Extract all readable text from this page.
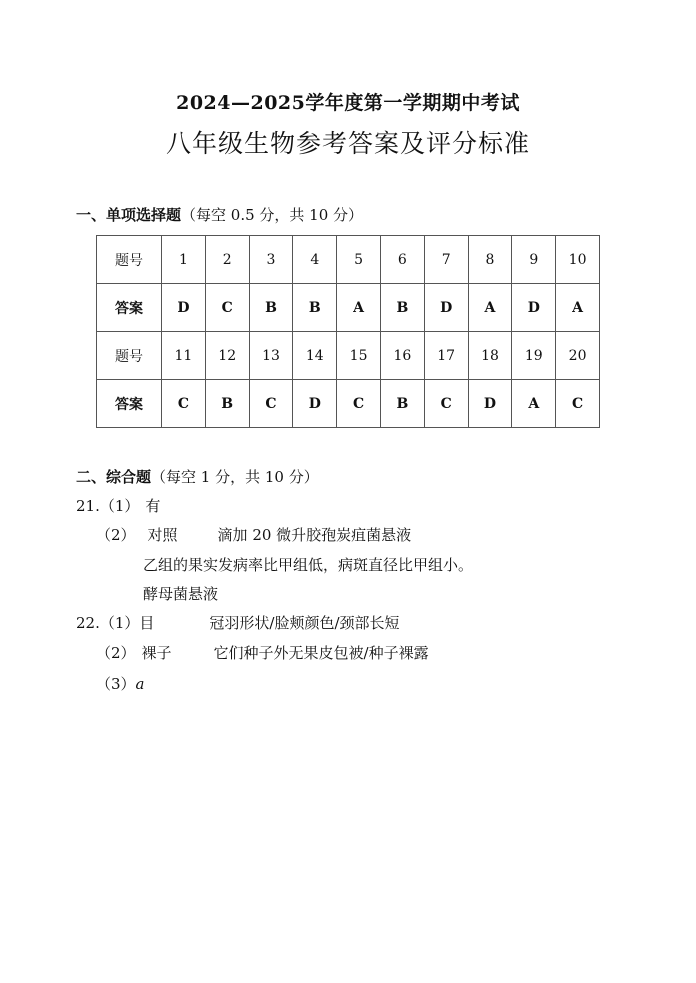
2024—2025学年度第一学期期中考试
八年级生物参考答案及评分标准
一、单项选择题（每空 0.5 分，共 10 分）
题号	1	2	3	4	5	6	7	8	9	10
答案	D	C	B	B	A	B	D	A	D	A
题号	11	12	13	14	15	16	17	18	19	20
答案	C	B	C	D	C	B	C	D	A	C
二、综合题（每空 1 分，共 10 分）
21.（1） 有
（2） 对照	滴加 20 微升胶孢炭疽菌悬液
乙组的果实发病率比甲组低，病斑直径比甲组小。
酵母菌悬液
22.（1）目	冠羽形状/脸颊颜色/颈部长短
（2） 裸子	它们种子外无果皮包被/种子裸露
（3）a
